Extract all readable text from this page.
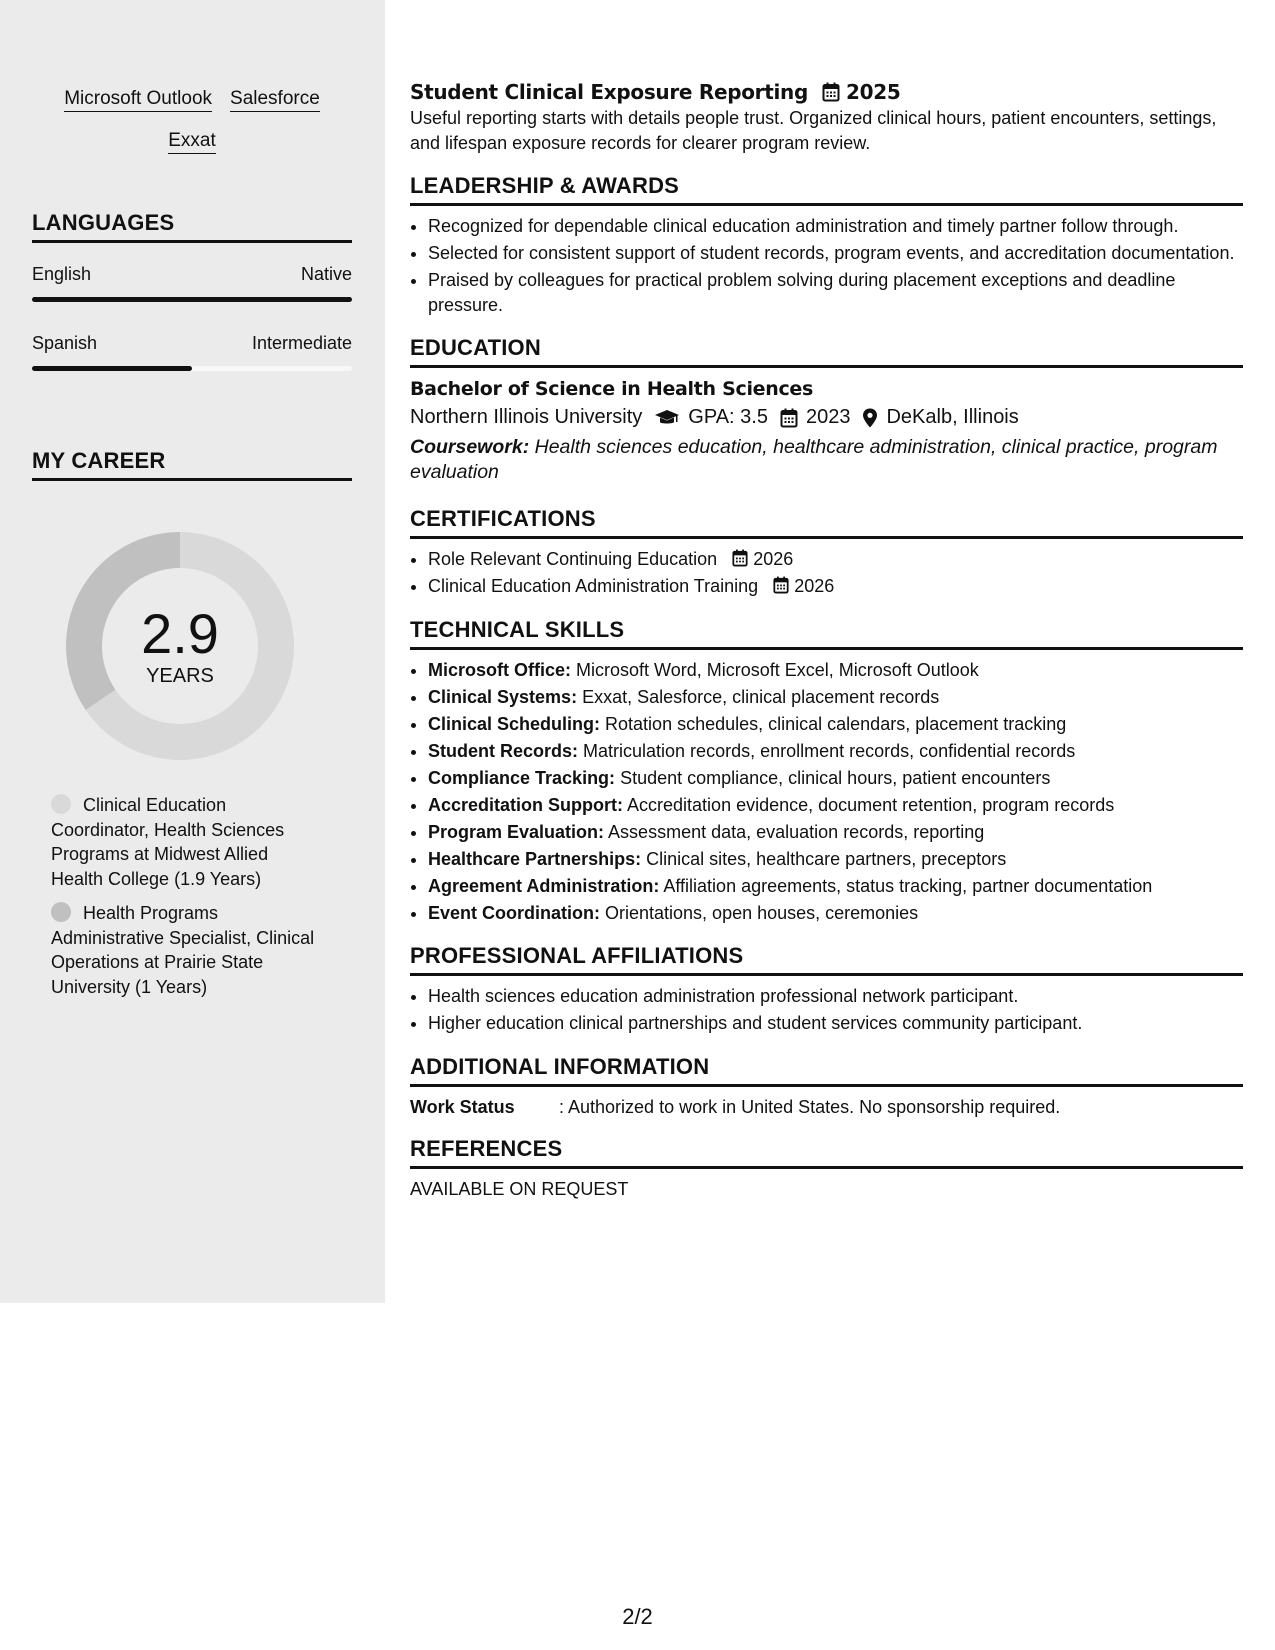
Microsoft Outlook Salesforce
Exxat
LANGUAGES
English	Native
Spanish	Intermediate
MY CAREER
2.9
YEARS
Clinical Education Coordinator, Health Sciences Programs at Midwest Allied Health College (1.9 Years)
Health Programs Administrative Specialist, Clinical Operations at Prairie State University (1 Years)
Student Clinical Exposure Reporting 2025

Useful reporting starts with details people trust. Organized clinical hours, patient encounters, settings, and lifespan exposure records for clearer program review.

LEADERSHIP & AWARDS
• Recognized for dependable clinical education administration and timely partner follow through.
• Selected for consistent support of student records, program events, and accreditation documentation.
• Praised by colleagues for practical problem solving during placement exceptions and deadline pressure.
EDUCATION
Bachelor of Science in Health Sciences
Northern Illinois University GPA: 3.5 2023 DeKalb, Illinois
Coursework: Health sciences education, healthcare administration, clinical practice, program evaluation
CERTIFICATIONS
• Role Relevant Continuing Education 2026
• Clinical Education Administration Training 2026
TECHNICAL SKILLS
• Microsoft Office: Microsoft Word, Microsoft Excel, Microsoft Outlook
• Clinical Systems: Exxat, Salesforce, clinical placement records
• Clinical Scheduling: Rotation schedules, clinical calendars, placement tracking
• Student Records: Matriculation records, enrollment records, confidential records
• Compliance Tracking: Student compliance, clinical hours, patient encounters
• Accreditation Support: Accreditation evidence, document retention, program records
• Program Evaluation: Assessment data, evaluation records, reporting
• Healthcare Partnerships: Clinical sites, healthcare partners, preceptors
• Agreement Administration: Affiliation agreements, status tracking, partner documentation
• Event Coordination: Orientations, open houses, ceremonies
PROFESSIONAL AFFILIATIONS
• Health sciences education administration professional network participant.
• Higher education clinical partnerships and student services community participant.
ADDITIONAL INFORMATION
Work Status	: Authorized to work in United States. No sponsorship required.
REFERENCES
AVAILABLE ON REQUEST
2/2
